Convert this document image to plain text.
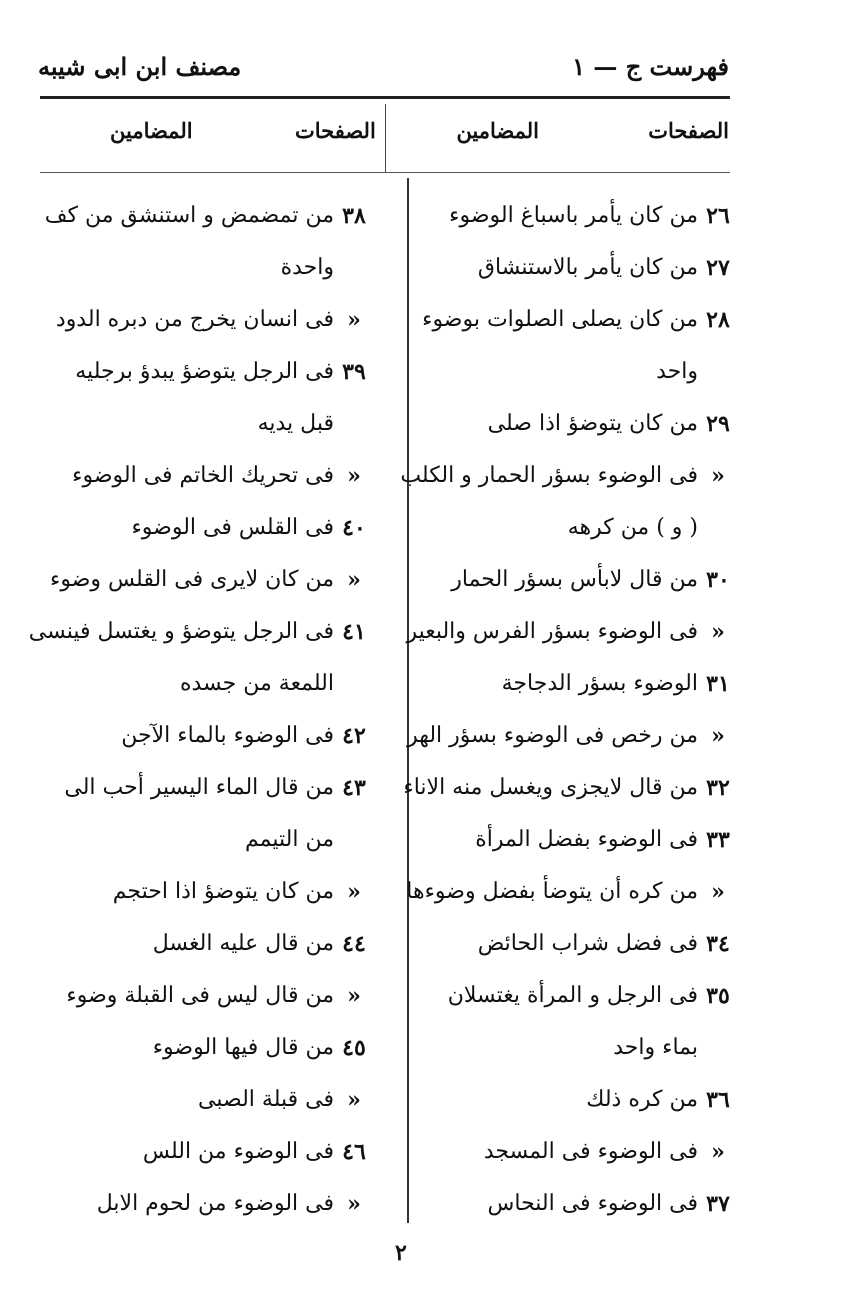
فهرست ج — ١
مصنف ابن ابى شيبه
الصفحات
المضامين
الصفحات
المضامين
٢٦
من كان يأمر باسباغ الوضوء
٢٧
من كان يأمر بالاستنشاق
٢٨
من كان يصلى الصلوات بوضوء
واحد
٢٩
من كان يتوضؤ اذا صلى
«
فى الوضوء بسؤر الحمار و الكلب
( و ) من كرهه
٣٠
من قال لابأس بسؤر الحمار
«
فى الوضوء بسؤر الفرس والبعير
٣١
الوضوء بسؤر الدجاجة
«
من رخص فى الوضوء بسؤر الهر
٣٢
من قال لايجزى ويغسل منه الاناء
٣٣
فى الوضوء بفضل المرأة
«
من كره أن يتوضأ بفضل وضوءها
٣٤
فى فضل شراب الحائض
٣٥
فى الرجل و المرأة يغتسلان
بماء واحد
٣٦
من كره ذلك
«
فى الوضوء فى المسجد
٣٧
فى الوضوء فى النحاس
٣٨
من تمضمض و استنشق من كف
واحدة
«
فى انسان يخرج من دبره الدود
٣٩
فى الرجل يتوضؤ يبدؤ برجليه
قبل يديه
«
فى تحريك الخاتم فى الوضوء
٤٠
فى القلس فى الوضوء
«
من كان لايرى فى القلس وضوء
٤١
فى الرجل يتوضؤ و يغتسل فينسى
اللمعة من جسده
٤٢
فى الوضوء بالماء الآجن
٤٣
من قال الماء اليسير أحب الى
من التيمم
«
من كان يتوضؤ اذا احتجم
٤٤
من قال عليه الغسل
«
من قال ليس فى القبلة وضوء
٤٥
من قال فيها الوضوء
«
فى قبلة الصبى
٤٦
فى الوضوء من اللس
«
فى الوضوء من لحوم الابل
٢
